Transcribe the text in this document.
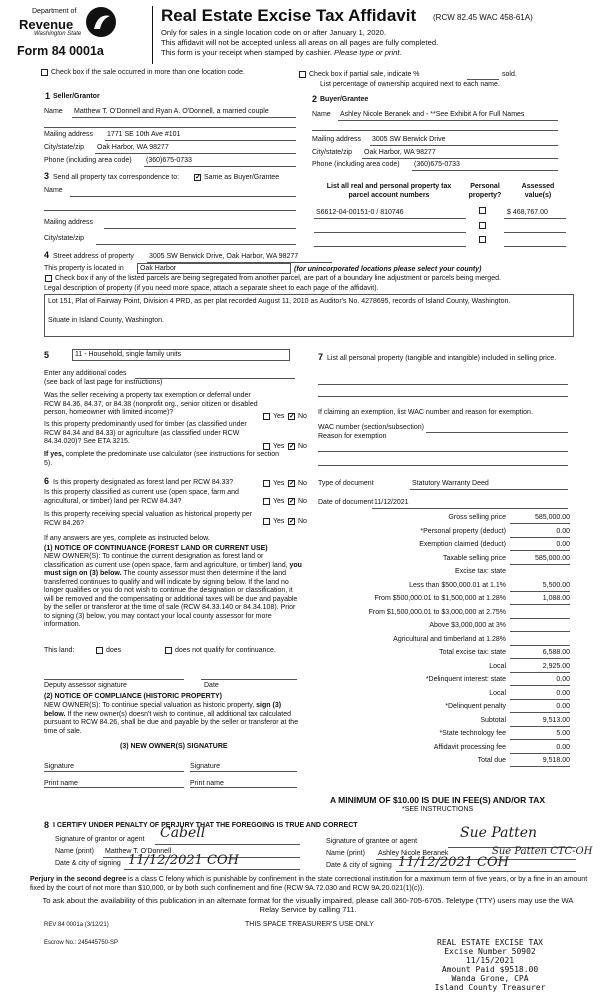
Department of
Revenue
Washington State
Form 84 0001a
Real Estate Excise Tax Affidavit (RCW 82.45 WAC 458-61A)
Only for sales in a single location code on or after January 1, 2020.
This affidavit will not be accepted unless all areas on all pages are fully completed.
This form is your receipt when stamped by cashier. Please type or print.
Check box if the sale occurred in more than one location code.	Check box if partial sale, indicate %	sold.
List percentage of ownership acquired next to each name.
1 Seller/Grantor
Name Matthew T. O'Donnell and Ryan A. O'Donnell, a married couple
Mailing address 1771 SE 10th Ave #101
City/state/zip Oak Harbor, WA 98277
Phone (including area code) (360)675-0733
2 Buyer/Grantee
Name Ashley Nicole Beranek and - **See Exhibit A for Full Names
Mailing address 3005 SW Berwick Drive
City/state/zip Oak Harbor, WA 98277
Phone (including area code) (360)675-0733
3 Send all property tax correspondence to: ✓ Same as Buyer/Grantee
Name
Mailing address
City/state/zip
List all real and personal property tax parcel account numbers
Personal property?
Assessed value(s)
S6612-04-00151-0 / 810746	$ 468,767.00
4 Street address of property 3005 SW Berwick Drive, Oak Harbor, WA 98277
This property is located in Oak Harbor	(for unincorporated locations please select your county)
Check box if any of the listed parcels are being segregated from another parcel, are part of a boundary line adjustment or parcels being merged.
Legal description of property (if you need more space, attach a separate sheet to each page of the affidavit).
Lot 151, Plat of Fairway Point, Division 4 PRD, as per plat recorded August 11, 2010 as Auditor's No. 4278695, records of Island County, Washington.
Situate in Island County, Washington.
5	11 - Household, single family units
Enter any additional codes
(see back of last page for instructions)
Was the seller receiving a property tax exemption or deferral under RCW 84.36, 84.37, or 84.38 (nonprofit org., senior citizen or disabled person, homeowner with limited income)?
Yes ✓ No
Is this property predominantly used for timber (as classified under RCW 84.34 and 84.33) or agriculture (as classified under RCW 84.34.020)? See ETA 3215.
Yes ✓ No
If yes, complete the predominate use calculator (see instructions for section 5).
7 List all personal property (tangible and intangible) included in selling price.
If claiming an exemption, list WAC number and reason for exemption.
WAC number (section/subsection)
Reason for exemption
6 Is this property designated as forest land per RCW 84.33?	Yes ✓ No
Is this property classified as current use (open space, farm and agricultural, or timber) land per RCW 84.34?	Yes ✓ No
Is this property receiving special valuation as historical property per RCW 84.26?	Yes ✓ No
If any answers are yes, complete as instructed below.
(1) NOTICE OF CONTINUANCE (FOREST LAND OR CURRENT USE)
NEW OWNER(S): To continue the current designation as forest land or classification as current use (open space, farm and agriculture, or timber) land, you must sign on (3) below. The county assessor must then determine if the land transferred continues to qualify and will indicate by signing below. If the land no longer qualifies or you do not wish to continue the designation or classification, it will be removed and the compensating or additional taxes will be due and payable by the seller or transferor at the time of sale (RCW 84.33.140 or 84.34.108). Prior to signing (3) below, you may contact your local county assessor for more information.
This land:	does	does not qualify for continuance.
Deputy assessor signature	Date
(2) NOTICE OF COMPLIANCE (HISTORIC PROPERTY)
NEW OWNER(S): To continue special valuation as historic property, sign (3) below. If the new owner(s) doesn't wish to continue, all additional tax calculated pursuant to RCW 84.26, shall be due and payable by the seller or transferor at the time of sale.
(3) NEW OWNER(S) SIGNATURE
Signature	Signature
Print name	Print name
Type of document	Statutory Warranty Deed
Date of document 11/12/2021
A MINIMUM OF $10.00 IS DUE IN FEE(S) AND/OR TAX
*SEE INSTRUCTIONS
8 I CERTIFY UNDER PENALTY OF PERJURY THAT THE FOREGOING IS TRUE AND CORRECT
Signature of grantor or agent Cabell
Name (print) Matthew T. O'Donnell
Date & city of signing 11/12/2021 COH
Signature of grantee or agent
Sue Patten
Name (print) Ashley Nicole Beranek	Sue Patten CTC-OH
Date & city of signing 11/12/2021 COH
Perjury in the second degree is a class C felony which is punishable by confinement in the state correctional institution for a maximum term of five years, or by a fine in an amount fixed by the court of not more than $10,000, or by both such confinement and fine (RCW 9A.72.030 and RCW 9A.20.021(1)(c)).
To ask about the availability of this publication in an alternate format for the visually impaired, please call 360-705-6705. Teletype (TTY) users may use the WA Relay Service by calling 711.
REV 84 0001a (3/12/21)	THIS SPACE TREASURER'S USE ONLY
Escrow No.: 245445750-SP	REAL ESTATE EXCISE TAX
Excise Number 50902
11/15/2021
Amount Paid $9518.00
Wanda Grone, CPA
Island County Treasurer
Gross selling price	585,000.00
*Personal property (deduct)	0.00
Exemption claimed (deduct)	0.00
Taxable selling price	585,000.00
Excise tax: state
Less than $500,000.01 at 1.1%	5,500.00
From $500,000.01 to $1,500,000 at 1.28%	1,088.00
From $1,500,000.01 to $3,000,000 at 2.75%
Above $3,000,000 at 3%
Agricultural and timberland at 1.28%
Total excise tax: state	6,588.00
Local	2,925.00
*Delinquent interest: state	0.00
Local	0.00
*Delinquent penalty	0.00
Subtotal	9,513.00
*State technology fee	5.00
Affidavit processing fee	0.00
Total due	9,518.00
